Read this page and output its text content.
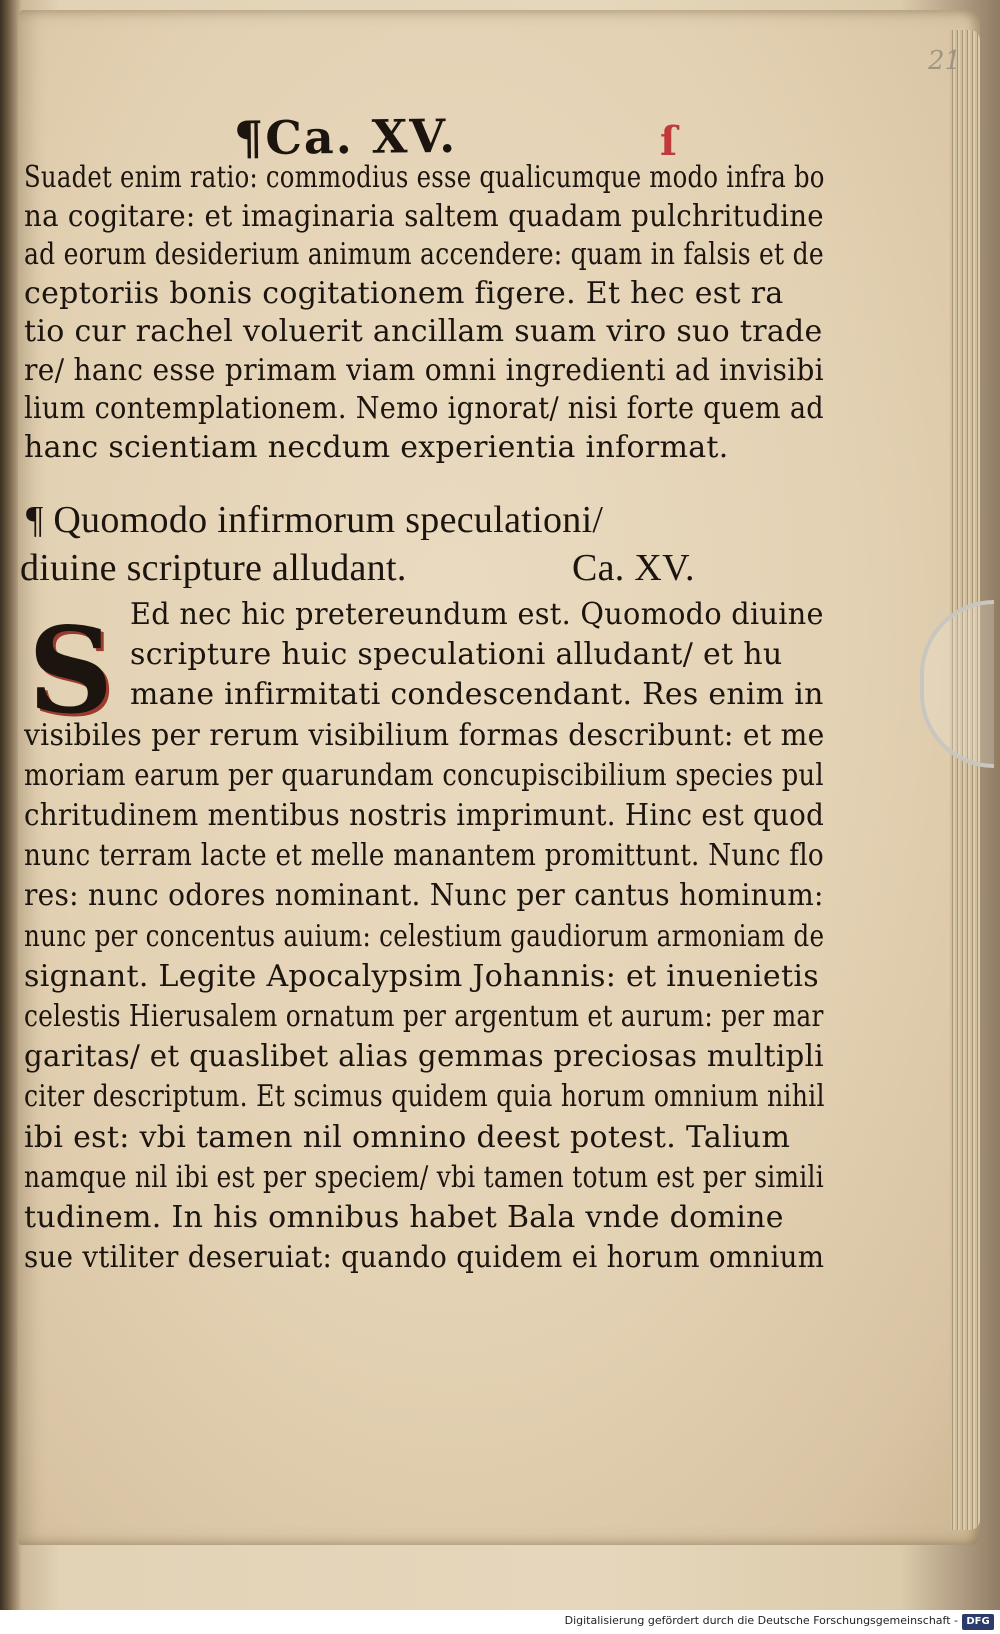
21
¶Ca. XV.	ſ
Suadet enim ratio: commodius esse qualicumque modo infra bo
na cogitare: et imaginaria saltem quadam pulchritudine
ad eorum desiderium animum accendere: quam in falsis et de
ceptoriis bonis cogitationem figere. Et hec est ra
tio cur rachel voluerit ancillam suam viro suo trade
re/ hanc esse primam viam omni ingredienti ad invisibi
lium contemplationem. Nemo ignorat/ nisi forte quem ad
hanc scientiam necdum experientia informat.
¶ Quomodo infirmorum speculationi/
diuine scripture alludant.	Ca. XV.
S Ed nec hic pretereundum est. Quomodo diuine
scripture huic speculationi alludant/ et hu
mane infirmitati condescendant. Res enim in
visibiles per rerum visibilium formas describunt: et me
moriam earum per quarundam concupiscibilium species pul
chritudinem mentibus nostris imprimunt. Hinc est quod
nunc terram lacte et melle manantem promittunt. Nunc flo
res: nunc odores nominant. Nunc per cantus hominum:
nunc per concentus auium: celestium gaudiorum armoniam de
signant. Legite Apocalypsim Johannis: et inuenietis
celestis Hierusalem ornatum per argentum et aurum: per mar
garitas/ et quaslibet alias gemmas preciosas multipli
citer descriptum. Et scimus quidem quia horum omnium nihil
ibi est: vbi tamen nil omnino deest potest. Talium
namque nil ibi est per speciem/ vbi tamen totum est per simili
tudinem. In his omnibus habet Bala vnde domine
sue vtiliter deseruiat: quando quidem ei horum omnium
Digitalisierung gefördert durch die Deutsche Forschungsgemeinschaft - DFG
